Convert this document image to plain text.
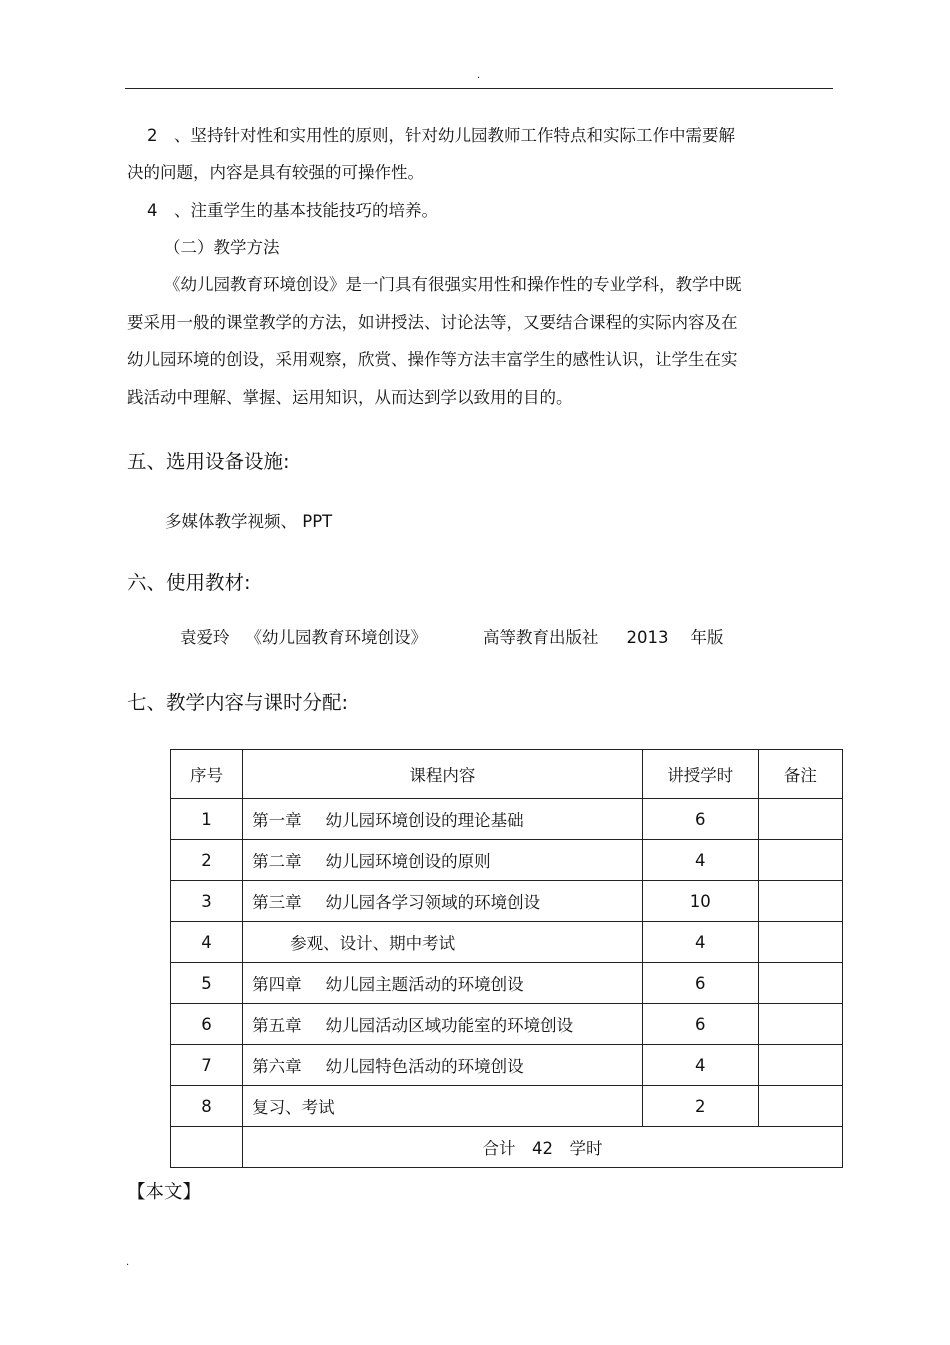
.
2　、坚持针对性和实用性的原则，针对幼儿园教师工作特点和实际工作中需要解
决的问题，内容是具有较强的可操作性。
4　、注重学生的基本技能技巧的培养。
（二）教学方法
《幼儿园教育环境创设》是一门具有很强实用性和操作性的专业学科，教学中既
要采用一般的课堂教学的方法，如讲授法、讨论法等，又要结合课程的实际内容及在
幼儿园环境的创设，采用观察，欣赏、操作等方法丰富学生的感性认识，让学生在实
践活动中理解、掌握、运用知识，从而达到学以致用的目的。
五、选用设备设施:
多媒体教学视频、 PPT
六、使用教材:
袁爱玲 《幼儿园教育环境创设》	高等教育出版社 2013 年版
七、教学内容与课时分配:
序号	课程内容	讲授学时	备注
1	第一章 幼儿园环境创设的理论基础	6	
2	第二章 幼儿园环境创设的原则	4	
3	第三章 幼儿园各学习领域的环境创设	10	
4	参观、设计、期中考试	4	
5	第四章 幼儿园主题活动的环境创设	6	
6	第五章 幼儿园活动区域功能室的环境创设	6	
7	第六章 幼儿园特色活动的环境创设	4	
8	复习、考试	2	
	合计　42　学时		
【本文】
.
